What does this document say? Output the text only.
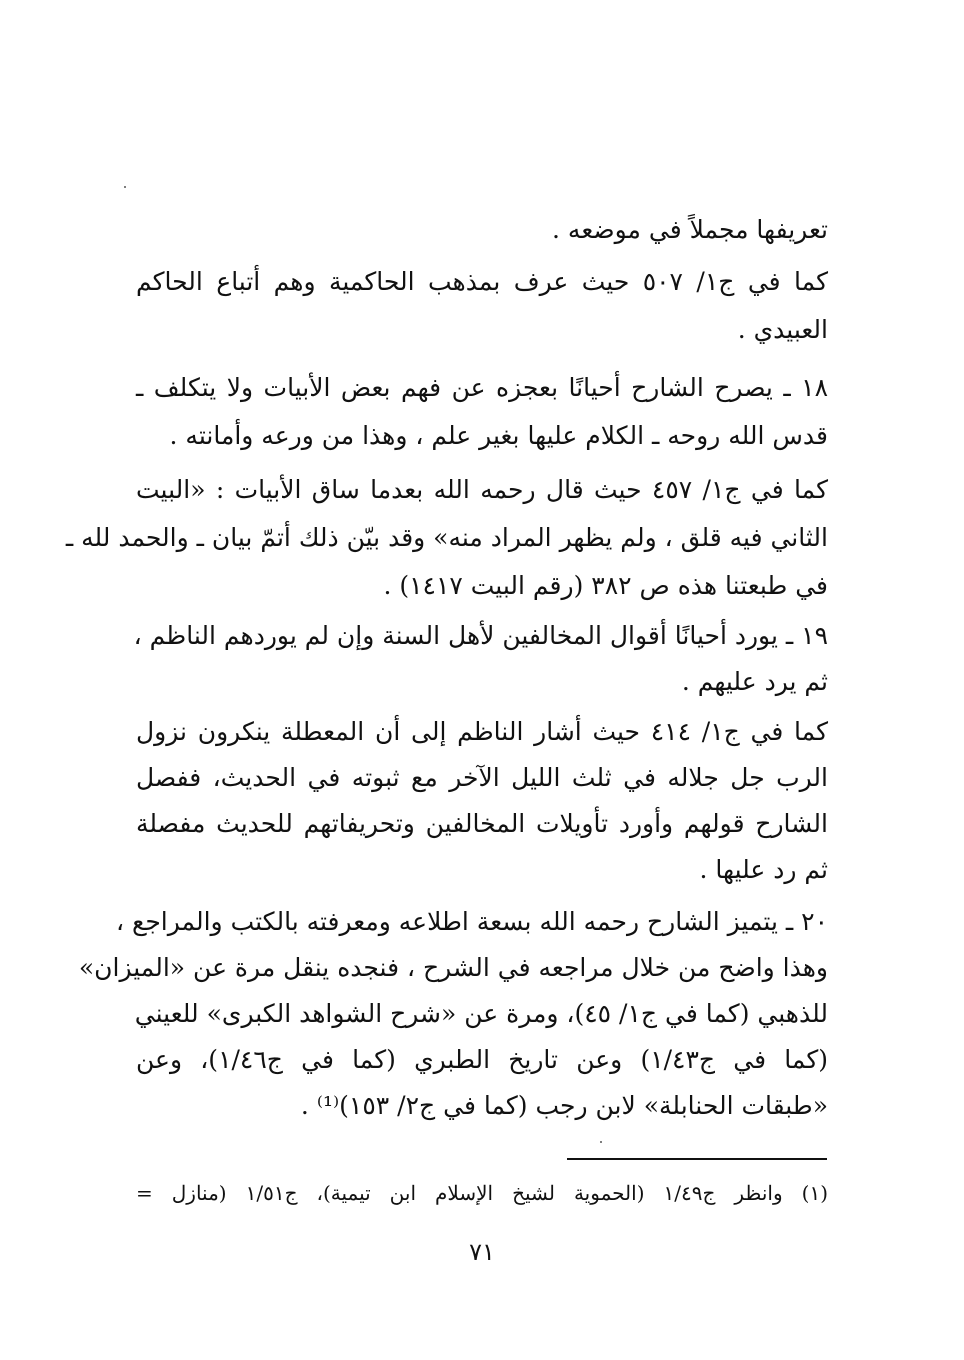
تعريفها مجملاً في موضعه .
كما في ج١/ ٥٠٧ حيث عرف بمذهب الحاكمية وهم أتباع الحاكم
العبيدي .
١٨ ـ يصرح الشارح أحيانًا بعجزه عن فهم بعض الأبيات ولا يتكلف ـ
قدس الله روحه ـ الكلام عليها بغير علم ، وهذا من ورعه وأمانته .
كما في ج١/ ٤٥٧ حيث قال رحمه الله بعدما ساق الأبيات : «البيت
الثاني فيه قلق ، ولم يظهر المراد منه» وقد بيّن ذلك أتمّ بيان ـ والحمد لله ـ
في طبعتنا هذه ص ٣٨٢ (رقم البيت ١٤١٧) .
١٩ ـ يورد أحيانًا أقوال المخالفين لأهل السنة وإن لم يوردهم الناظم ،
ثم يرد عليهم .
كما في ج١/ ٤١٤ حيث أشار الناظم إلى أن المعطلة ينكرون نزول
الرب جل جلاله في ثلث الليل الآخر مع ثبوته في الحديث، ففصل
الشارح قولهم وأورد تأويلات المخالفين وتحريفاتهم للحديث مفصلة
ثم رد عليها .
٢٠ ـ يتميز الشارح رحمه الله بسعة اطلاعه ومعرفته بالكتب والمراجع ،
وهذا واضح من خلال مراجعه في الشرح ، فنجده ينقل مرة عن «الميزان»
للذهبي (كما في ج١/ ٤٥)، ومرة عن «شرح الشواهد الكبرى» للعيني
(كما في ج١/٤٣) وعن تاريخ الطبري (كما في ج١/٤٦)، وعن
«طبقات الحنابلة» لابن رجب (كما في ج٢/ ١٥٣)⁽¹⁾ .
(١) وانظر ج١/٤٩ (الحموية لشيخ الإسلام ابن تيمية)، ج١/٥١ (منازل =
٧١
